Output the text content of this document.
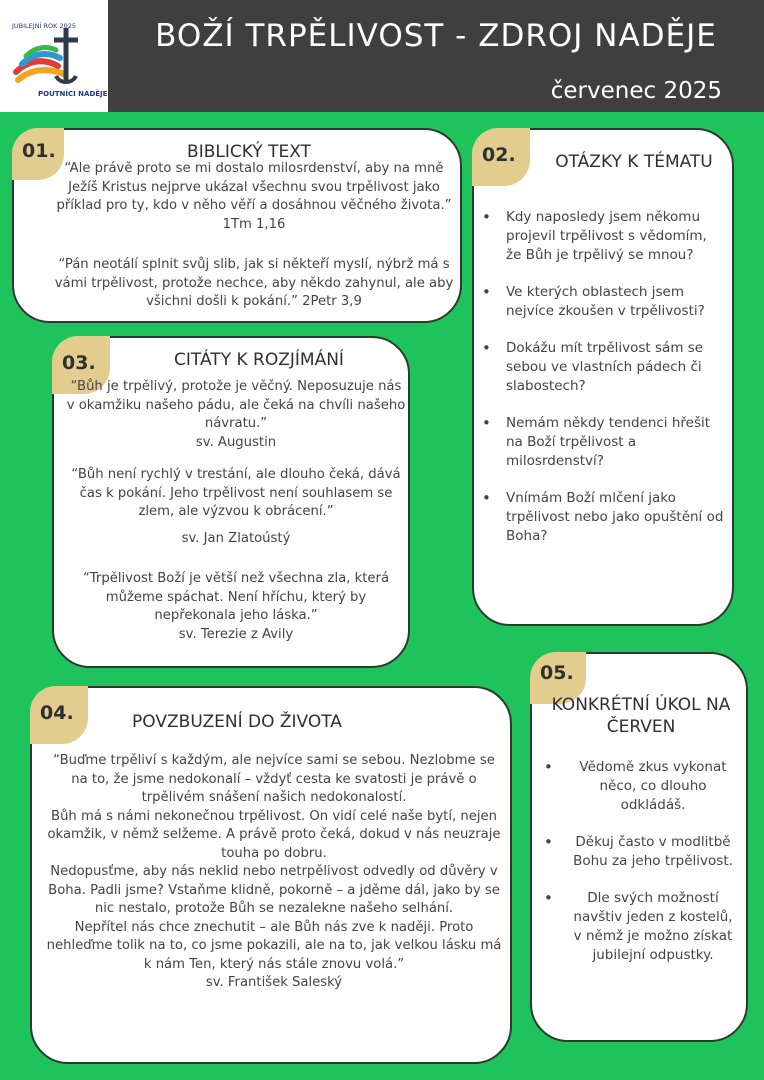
JUBILEJNÍ ROK 2025
POUTNÍCI NADĚJE
BOŽÍ TRPĚLIVOST - ZDROJ NADĚJE
červenec 2025
01.	BIBLICKÝ TEXT

“Ale právě proto se mi dostalo milosrdenství, aby na mně Ježíš Kristus nejprve ukázal všechnu svou trpělivost jako příklad pro ty, kdo v něho věří a dosáhnou věčného života.” 1Tm 1,16

“Pán neotálí splnit svůj slib, jak si někteří myslí, nýbrž má s vámi trpělivost, protože nechce, aby někdo zahynul, ale aby všichni došli k pokání.” 2Petr 3,9

02.	OTÁZKY K TÉMATU
• Kdy naposledy jsem někomu projevil trpělivost s vědomím, že Bůh je trpělivý se mnou?
• Ve kterých oblastech jsem nejvíce zkoušen v trpělivosti?
• Dokážu mít trpělivost sám se sebou ve vlastních pádech či slabostech?
• Nemám někdy tendenci hřešit na Boží trpělivost a milosrdenství?
• Vnímám Boží mlčení jako trpělivost nebo jako opuštění od Boha?
03.	CITÁTY K ROZJÍMÁNÍ

“Bůh je trpělivý, protože je věčný. Neposuzuje nás v okamžiku našeho pádu, ale čeká na chvíli našeho návratu.”

sv. Augustin

“Bůh není rychlý v trestání, ale dlouho čeká, dává čas k pokání. Jeho trpělivost není souhlasem se zlem, ale výzvou k obrácení.”

sv. Jan Zlatoústý

“Trpělivost Boží je větší než všechna zla, která můžeme spáchat. Není hříchu, který by nepřekonala jeho láska.”

sv. Terezie z Avily

04.	POVZBUZENÍ DO ŽIVOTA

“Buďme trpěliví s každým, ale nejvíce sami se sebou. Nezlobme se na to, že jsme nedokonalí – vždyť cesta ke svatosti je právě o trpělivém snášení našich nedokonalostí.

Bůh má s námi nekonečnou trpělivost. On vidí celé naše bytí, nejen okamžik, v němž selžeme. A právě proto čeká, dokud v nás neuzraje touha po dobru.

Nedopusťme, aby nás neklid nebo netrpělivost odvedly od důvěry v Boha. Padli jsme? Vstaňme klidně, pokorně – a jděme dál, jako by se nic nestalo, protože Bůh se nezalekne našeho selhání.

Nepřítel nás chce znechutit – ale Bůh nás zve k naději. Proto nehleďme tolik na to, co jsme pokazili, ale na to, jak velkou lásku má k nám Ten, který nás stále znovu volá.”

sv. František Saleský

05.
KONKRÉTNÍ ÚKOL NA ČERVEN
• Vědomě zkus vykonat něco, co dlouho odkládáš.
• Děkuj často v modlitbě Bohu za jeho trpělivost.
• Dle svých možností navštiv jeden z kostelů, v němž je možno získat jubilejní odpustky.
